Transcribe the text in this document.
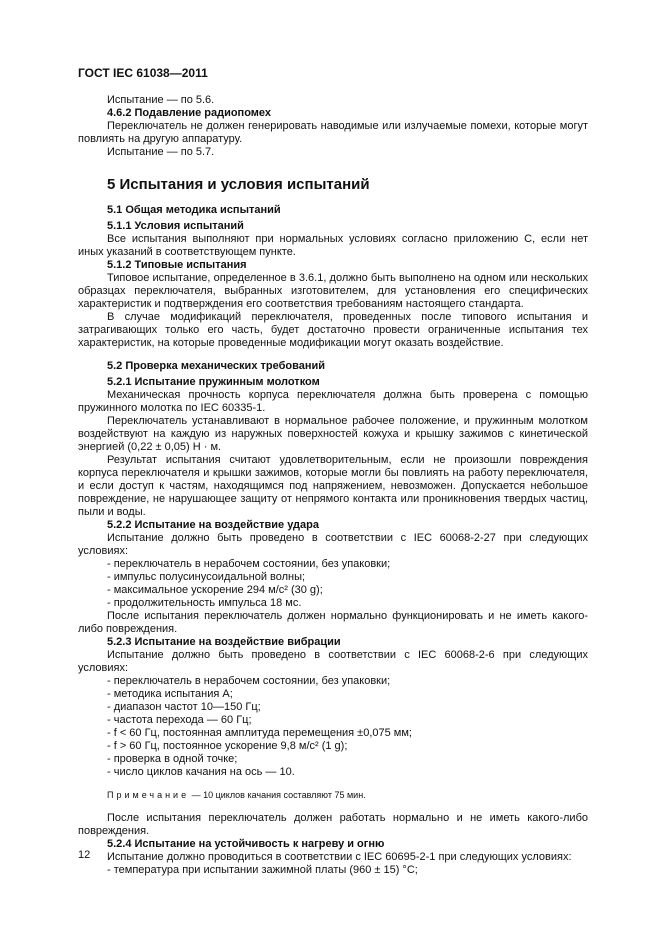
ГОСТ IEC 61038—2011
Испытание — по 5.6.
4.6.2 Подавление радиопомех
Переключатель не должен генерировать наводимые или излучаемые помехи, которые могут повлиять на другую аппаратуру.
Испытание — по 5.7.
5 Испытания и условия испытаний
5.1 Общая методика испытаний
5.1.1 Условия испытаний
Все испытания выполняют при нормальных условиях согласно приложению С, если нет иных указаний в соответствующем пункте.
5.1.2 Типовые испытания
Типовое испытание, определенное в 3.6.1, должно быть выполнено на одном или нескольких образцах переключателя, выбранных изготовителем, для установления его специфических характеристик и подтверждения его соответствия требованиям настоящего стандарта.
В случае модификаций переключателя, проведенных после типового испытания и затрагивающих только его часть, будет достаточно провести ограниченные испытания тех характеристик, на которые проведенные модификации могут оказать воздействие.
5.2 Проверка механических требований
5.2.1 Испытание пружинным молотком
Механическая прочность корпуса переключателя должна быть проверена с помощью пружинного молотка по IEC 60335-1.
Переключатель устанавливают в нормальное рабочее положение, и пружинным молотком воздействуют на каждую из наружных поверхностей кожуха и крышку зажимов с кинетической энергией (0,22 ± 0,05) Н · м.
Результат испытания считают удовлетворительным, если не произошли повреждения корпуса переключателя и крышки зажимов, которые могли бы повлиять на работу переключателя, и если доступ к частям, находящимся под напряжением, невозможен. Допускается небольшое повреждение, не нарушающее защиту от непрямого контакта или проникновения твердых частиц, пыли и воды.
5.2.2 Испытание на воздействие удара
Испытание должно быть проведено в соответствии с IEC 60068-2-27 при следующих условиях:
- переключатель в нерабочем состоянии, без упаковки;
- импульс полусинусоидальной волны;
- максимальное ускорение 294 м/с² (30 g);
- продолжительность импульса 18 мс.
После испытания переключатель должен нормально функционировать и не иметь какого-либо повреждения.
5.2.3 Испытание на воздействие вибрации
Испытание должно быть проведено в соответствии с IEC 60068-2-6 при следующих условиях:
- переключатель в нерабочем состоянии, без упаковки;
- методика испытания А;
- диапазон частот 10—150 Гц;
- частота перехода — 60 Гц;
- f < 60 Гц, постоянная амплитуда перемещения ±0,075 мм;
- f > 60 Гц, постоянное ускорение 9,8 м/с² (1 g);
- проверка в одной точке;
- число циклов качания на ось — 10.
Примечание — 10 циклов качания составляют 75 мин.
После испытания переключатель должен работать нормально и не иметь какого-либо повреждения.
5.2.4 Испытание на устойчивость к нагреву и огню
Испытание должно проводиться в соответствии с IEC 60695-2-1 при следующих условиях:
- температура при испытании зажимной платы (960 ± 15) °С;
12
